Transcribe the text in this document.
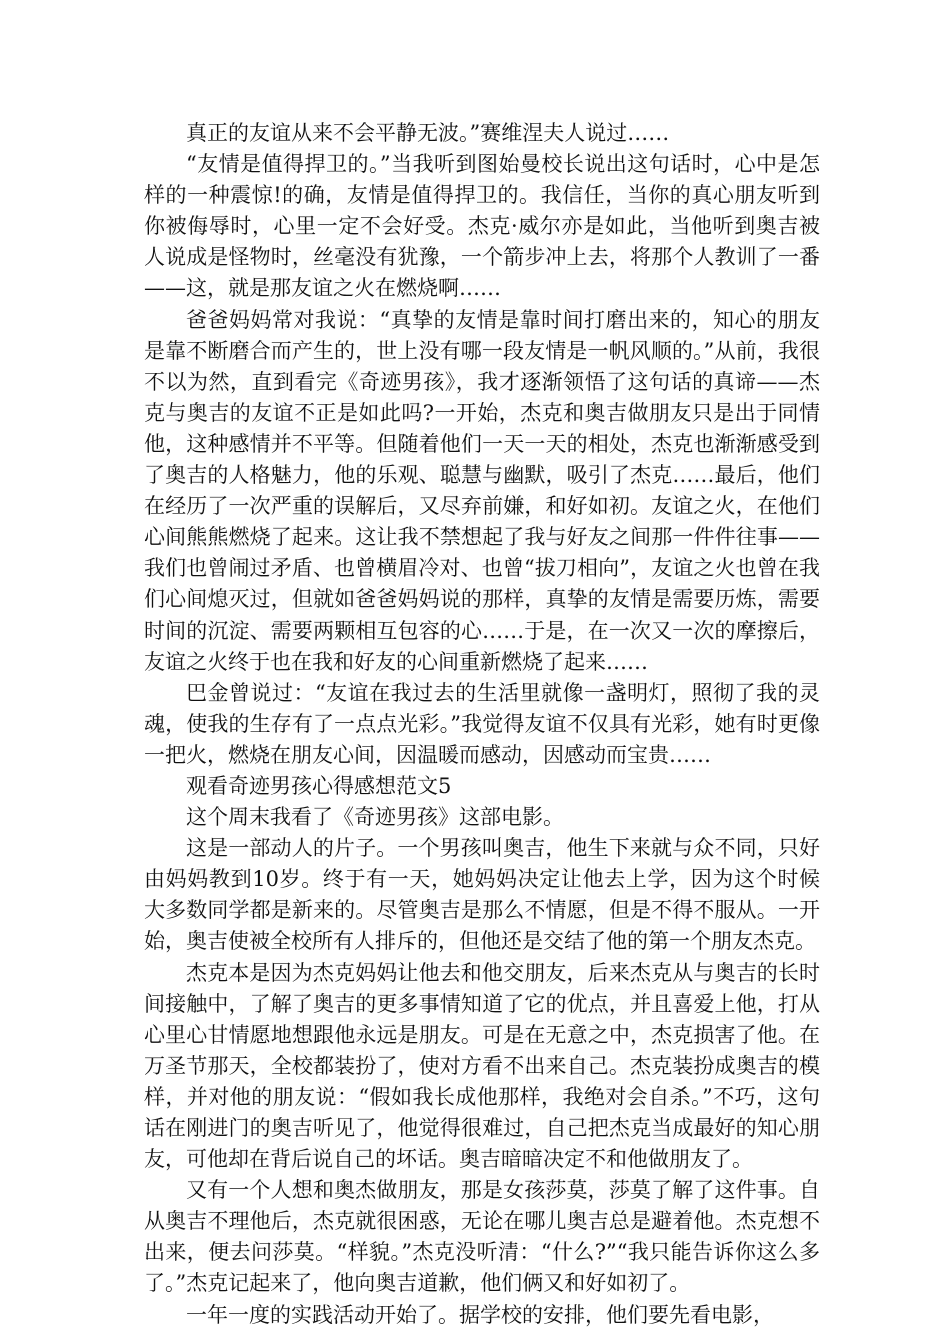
真正的友谊从来不会平静无波。”赛维涅夫人说过……

“友情是值得捍卫的。”当我听到图始曼校长说出这句话时，心中是怎样的一种震惊!的确，友情是值得捍卫的。我信任，当你的真心朋友听到你被侮辱时，心里一定不会好受。杰克·威尔亦是如此，当他听到奥吉被人说成是怪物时，丝毫没有犹豫，一个箭步冲上去，将那个人教训了一番——这，就是那友谊之火在燃烧啊……

爸爸妈妈常对我说：“真挚的友情是靠时间打磨出来的，知心的朋友是靠不断磨合而产生的，世上没有哪一段友情是一帆风顺的。”从前，我很不以为然，直到看完《奇迹男孩》，我才逐渐领悟了这句话的真谛——杰克与奥吉的友谊不正是如此吗?一开始，杰克和奥吉做朋友只是出于同情他，这种感情并不平等。但随着他们一天一天的相处，杰克也渐渐感受到了奥吉的人格魅力，他的乐观、聪慧与幽默，吸引了杰克……最后，他们在经历了一次严重的误解后，又尽弃前嫌，和好如初。友谊之火，在他们心间熊熊燃烧了起来。这让我不禁想起了我与好友之间那一件件往事——我们也曾闹过矛盾、也曾横眉冷对、也曾“拔刀相向”，友谊之火也曾在我们心间熄灭过，但就如爸爸妈妈说的那样，真挚的友情是需要历炼，需要时间的沉淀、需要两颗相互包容的心……于是，在一次又一次的摩擦后，友谊之火终于也在我和好友的心间重新燃烧了起来……

巴金曾说过：“友谊在我过去的生活里就像一盏明灯，照彻了我的灵魂，使我的生存有了一点点光彩。”我觉得友谊不仅具有光彩，她有时更像一把火，燃烧在朋友心间，因温暖而感动，因感动而宝贵……

观看奇迹男孩心得感想范文5

这个周末我看了《奇迹男孩》这部电影。

这是一部动人的片子。一个男孩叫奥吉，他生下来就与众不同，只好由妈妈教到10岁。终于有一天，她妈妈决定让他去上学，因为这个时候大多数同学都是新来的。尽管奥吉是那么不情愿，但是不得不服从。一开始，奥吉使被全校所有人排斥的，但他还是交结了他的第一个朋友杰克。

杰克本是因为杰克妈妈让他去和他交朋友，后来杰克从与奥吉的长时间接触中，了解了奥吉的更多事情知道了它的优点，并且喜爱上他，打从心里心甘情愿地想跟他永远是朋友。可是在无意之中，杰克损害了他。在万圣节那天，全校都装扮了，使对方看不出来自己。杰克装扮成奥吉的模样，并对他的朋友说：“假如我长成他那样，我绝对会自杀。”不巧，这句话在刚进门的奥吉听见了，他觉得很难过，自己把杰克当成最好的知心朋友，可他却在背后说自己的坏话。奥吉暗暗决定不和他做朋友了。

又有一个人想和奥杰做朋友，那是女孩莎莫，莎莫了解了这件事。自从奥吉不理他后，杰克就很困惑，无论在哪儿奥吉总是避着他。杰克想不出来，便去问莎莫。“样貌。”杰克没听清：“什么?”“我只能告诉你这么多了。”杰克记起来了，他向奥吉道歉，他们俩又和好如初了。

一年一度的实践活动开始了。据学校的安排，他们要先看电影，
